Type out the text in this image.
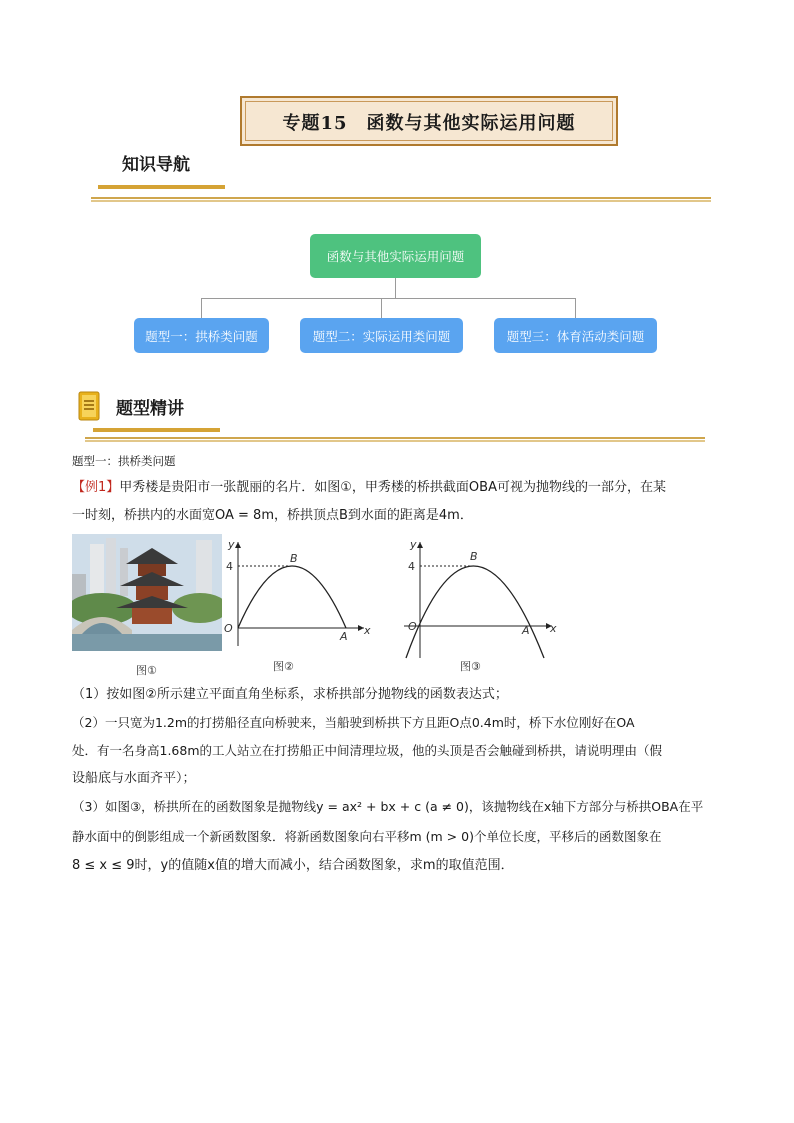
专题15　函数与其他实际运用问题
知识导航
函数与其他实际运用问题
题型一：拱桥类问题	题型二：实际运用类问题	题型三：体育活动类问题
题型精讲
题型一：拱桥类问题
【例1】甲秀楼是贵阳市一张靓丽的名片．如图①，甲秀楼的桥拱截面OBA可视为抛物线的一部分，在某
一时刻，桥拱内的水面宽OA = 8m，桥拱顶点B到水面的距离是4m．
图①
y
x
O
A
B
4
图②
y
x
O	A
B
4
图③
（1）按如图②所示建立平面直角坐标系，求桥拱部分抛物线的函数表达式；
（2）一只宽为1.2m的打捞船径直向桥驶来，当船驶到桥拱下方且距O点0.4m时，桥下水位刚好在OA
处．有一名身高1.68m的工人站立在打捞船正中间清理垃圾，他的头顶是否会触碰到桥拱，请说明理由（假
设船底与水面齐平）；
（3）如图③，桥拱所在的函数图象是抛物线y = ax² + bx + c (a ≠ 0)，该抛物线在x轴下方部分与桥拱OBA在平
静水面中的倒影组成一个新函数图象．将新函数图象向右平移m (m > 0)个单位长度，平移后的函数图象在
8 ≤ x ≤ 9时，y的值随x值的增大而减小，结合函数图象，求m的取值范围．
